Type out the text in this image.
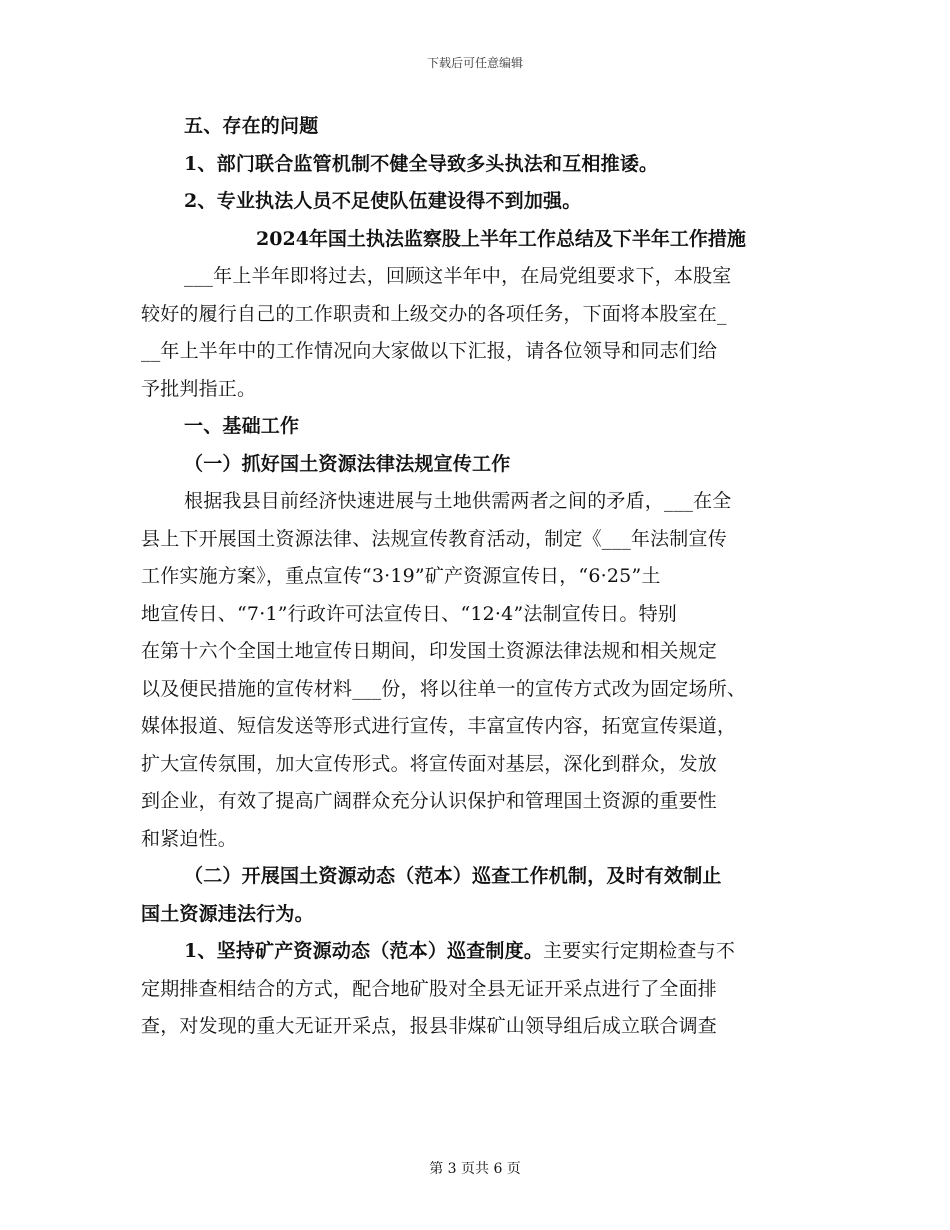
下载后可任意编辑
五、存在的问题
1、部门联合监管机制不健全导致多头执法和互相推诿。
2、专业执法人员不足使队伍建设得不到加强。
2024年国土执法监察股上半年工作总结及下半年工作措施
___年上半年即将过去，回顾这半年中，在局党组要求下，本股室
较好的履行自己的工作职责和上级交办的各项任务，下面将本股室在_
__年上半年中的工作情况向大家做以下汇报，请各位领导和同志们给
予批判指正。
一、基础工作
（一）抓好国土资源法律法规宣传工作
根据我县目前经济快速进展与土地供需两者之间的矛盾，___在全
县上下开展国土资源法律、法规宣传教育活动，制定《___年法制宣传
工作实施方案》，重点宣传“3·19”矿产资源宣传日，“6·25”土
地宣传日、“7·1”行政许可法宣传日、“12·4”法制宣传日。特别
在第十六个全国土地宣传日期间，印发国土资源法律法规和相关规定
以及便民措施的宣传材料___份，将以往单一的宣传方式改为固定场所、
媒体报道、短信发送等形式进行宣传，丰富宣传内容，拓宽宣传渠道，
扩大宣传氛围，加大宣传形式。将宣传面对基层，深化到群众，发放
到企业，有效了提高广阔群众充分认识保护和管理国土资源的重要性
和紧迫性。
（二）开展国土资源动态（范本）巡查工作机制，及时有效制止
国土资源违法行为。
1、坚持矿产资源动态（范本）巡查制度。主要实行定期检查与不
定期排查相结合的方式，配合地矿股对全县无证开采点进行了全面排
查，对发现的重大无证开采点，报县非煤矿山领导组后成立联合调查
第 3 页共 6 页
